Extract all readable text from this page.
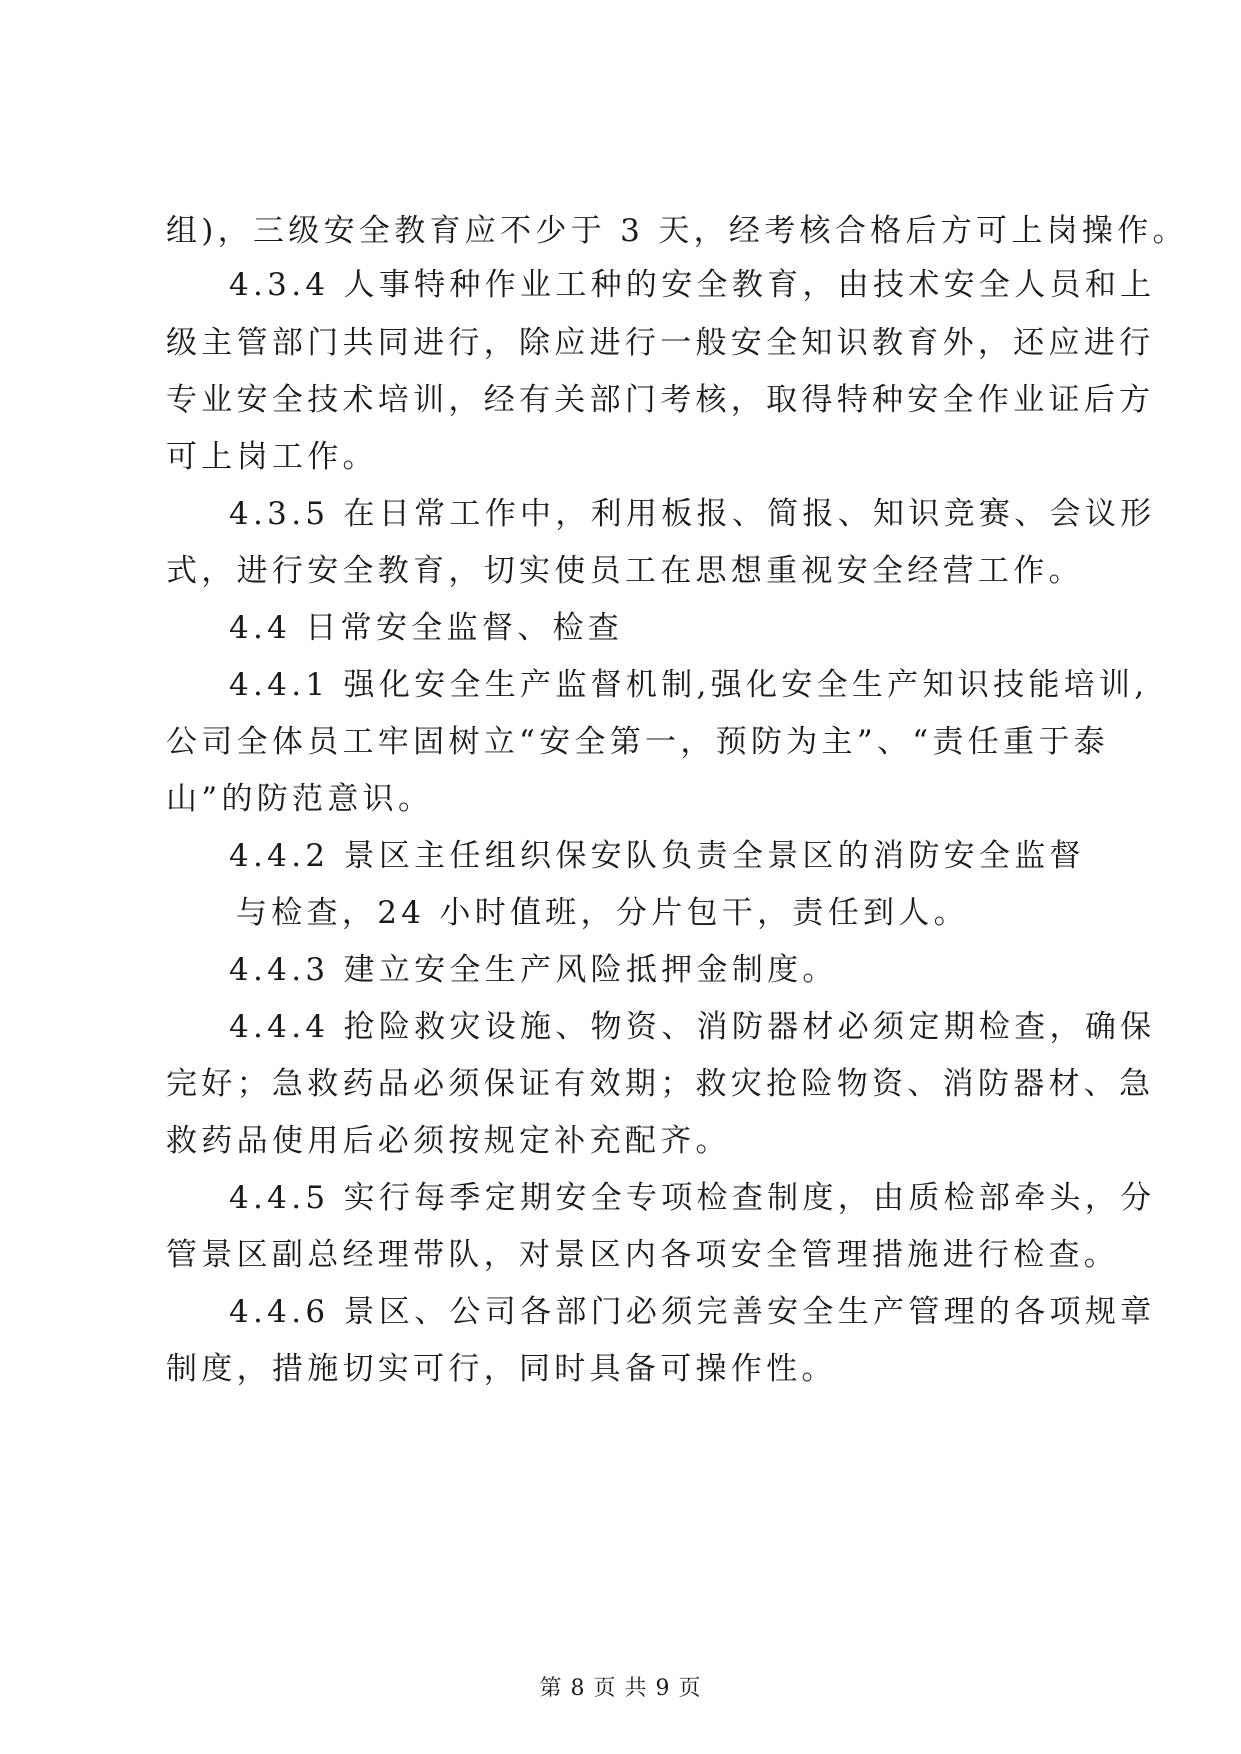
组)，三级安全教育应不少于 3 天，经考核合格后方可上岗操作。
4.3.4 人事特种作业工种的安全教育，由技术安全人员和上
级主管部门共同进行，除应进行一般安全知识教育外，还应进行
专业安全技术培训，经有关部门考核，取得特种安全作业证后方
可上岗工作。
4.3.5 在日常工作中，利用板报、简报、知识竞赛、会议形
式，进行安全教育，切实使员工在思想重视安全经营工作。
4.4 日常安全监督、检查
4.4.1 强化安全生产监督机制,强化安全生产知识技能培训,
公司全体员工牢固树立“安全第一，预防为主”、“责任重于泰
山”的防范意识。
4.4.2 景区主任组织保安队负责全景区的消防安全监督
与检查，24 小时值班，分片包干，责任到人。
4.4.3 建立安全生产风险抵押金制度。
4.4.4 抢险救灾设施、物资、消防器材必须定期检查，确保
完好；急救药品必须保证有效期；救灾抢险物资、消防器材、急
救药品使用后必须按规定补充配齐。
4.4.5 实行每季定期安全专项检查制度，由质检部牵头，分
管景区副总经理带队，对景区内各项安全管理措施进行检查。
4.4.6 景区、公司各部门必须完善安全生产管理的各项规章
制度，措施切实可行，同时具备可操作性。
第 8 页 共 9 页
